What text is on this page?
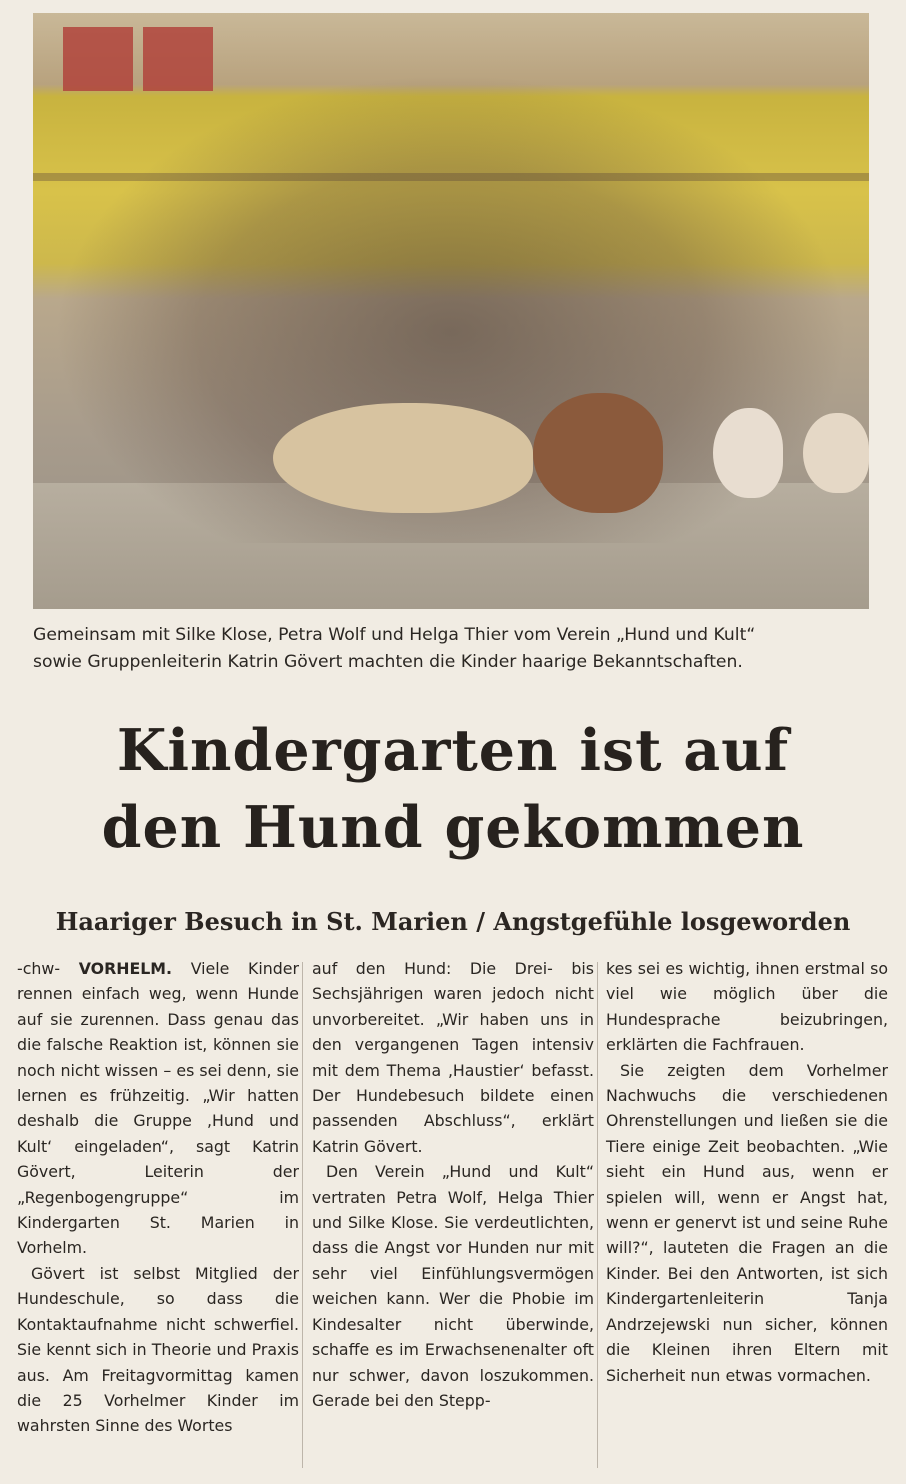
Gemeinsam mit Silke Klose, Petra Wolf und Helga Thier vom Verein „Hund und Kult“
sowie Gruppenleiterin Katrin Gövert machten die Kinder haarige Bekanntschaften.

Kindergarten ist auf
den Hund gekommen
Haariger Besuch in St. Marien / Angstgefühle losgeworden

-chw- VORHELM. Viele Kinder rennen einfach weg, wenn Hunde auf sie zurennen. Dass genau das die falsche Reaktion ist, können sie noch nicht wissen – es sei denn, sie lernen es frühzeitig. „Wir hatten deshalb die Gruppe ‚Hund und Kult‘ eingeladen“, sagt Katrin Gövert, Leiterin der „Regenbogengruppe“ im Kindergarten St. Marien in Vorhelm.

Gövert ist selbst Mitglied der Hundeschule, so dass die Kontaktaufnahme nicht schwerfiel. Sie kennt sich in Theorie und Praxis aus. Am Freitagvormittag kamen die 25 Vorhelmer Kinder im wahrsten Sinne des Wortes

auf den Hund: Die Drei- bis Sechsjährigen waren jedoch nicht unvorbereitet. „Wir haben uns in den vergangenen Tagen intensiv mit dem Thema ‚Haustier‘ befasst. Der Hundebesuch bildete einen passenden Abschluss“, erklärt Katrin Gövert.

Den Verein „Hund und Kult“ vertraten Petra Wolf, Helga Thier und Silke Klose. Sie verdeutlichten, dass die Angst vor Hunden nur mit sehr viel Einfühlungsvermögen weichen kann. Wer die Phobie im Kindesalter nicht überwinde, schaffe es im Erwachsenenalter oft nur schwer, davon loszukommen. Gerade bei den Stepp-

kes sei es wichtig, ihnen erstmal so viel wie möglich über die Hundesprache beizubringen, erklärten die Fachfrauen.

Sie zeigten dem Vorhelmer Nachwuchs die verschiedenen Ohrenstellungen und ließen sie die Tiere einige Zeit beobachten. „Wie sieht ein Hund aus, wenn er spielen will, wenn er Angst hat, wenn er genervt ist und seine Ruhe will?“, lauteten die Fragen an die Kinder. Bei den Antworten, ist sich Kindergartenleiterin Tanja Andrzejewski nun sicher, können die Kleinen ihren Eltern mit Sicherheit nun etwas vormachen.
